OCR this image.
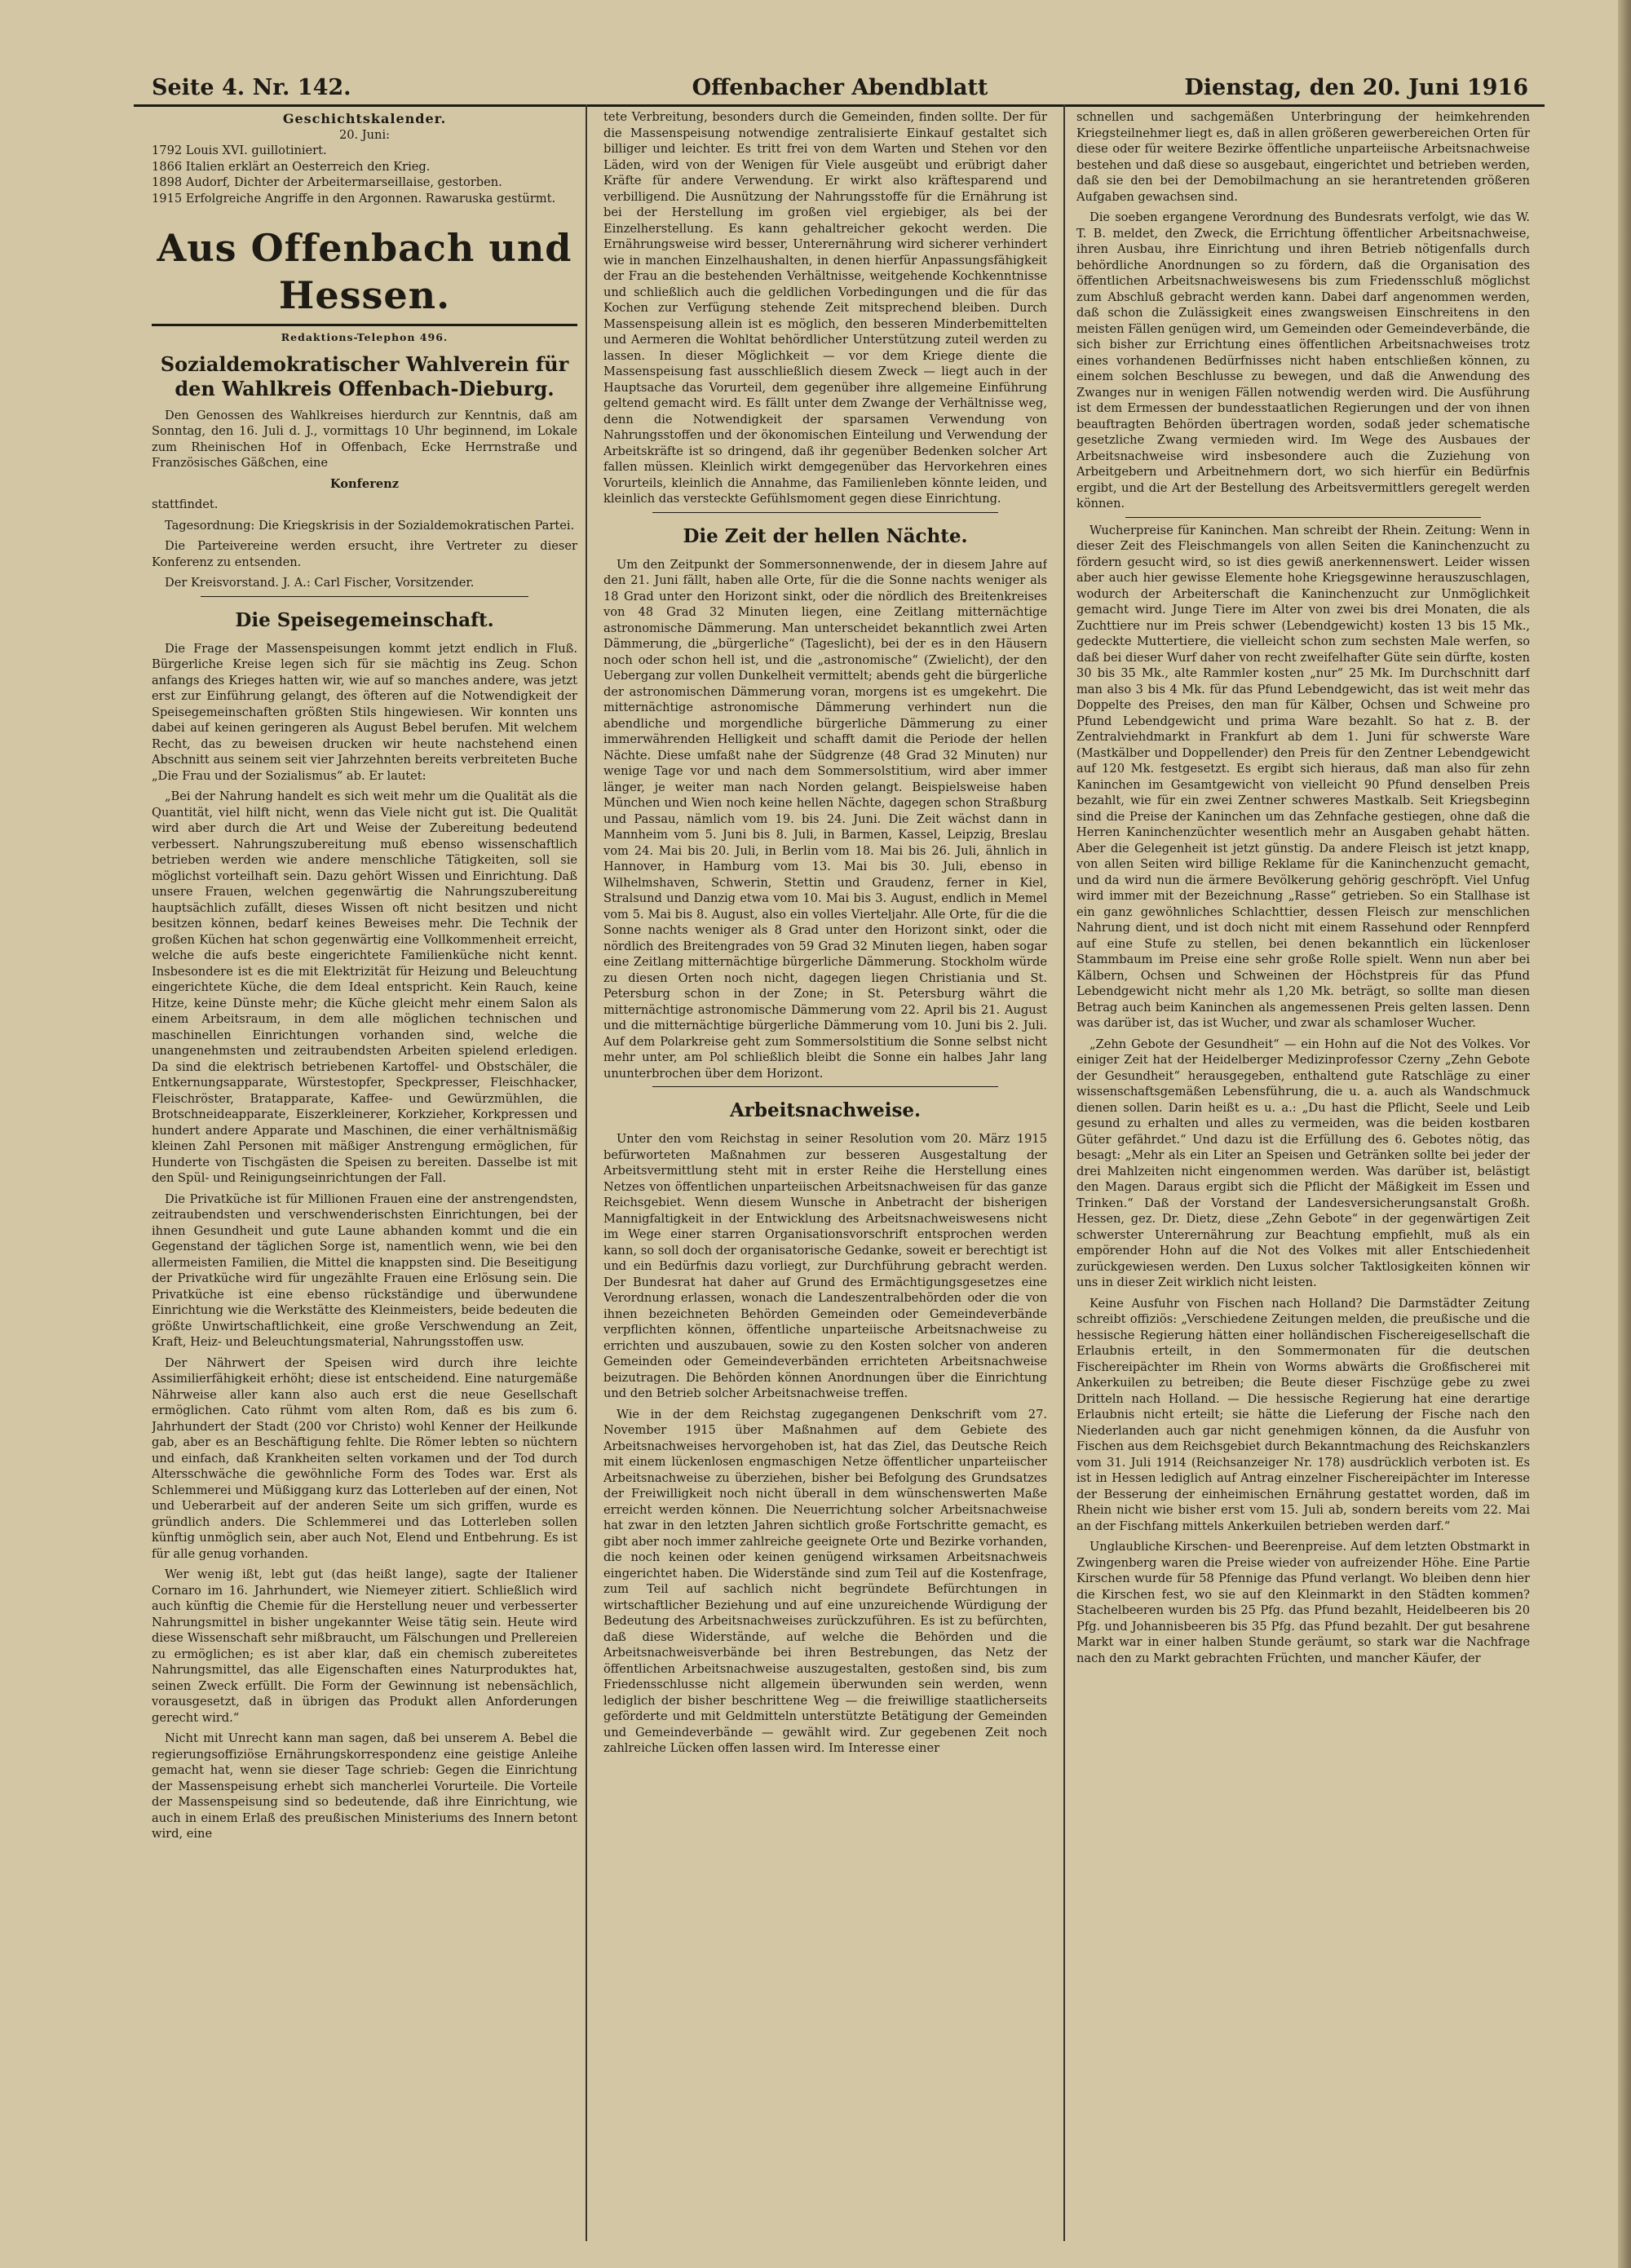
Seite 4. Nr. 142.	Offenbacher Abendblatt	Dienstag, den 20. Juni 1916
Geschichtskalender.
20. Juni:
1792 Louis XVI. guillotiniert.
1866 Italien erklärt an Oesterreich den Krieg.
1898 Audorf, Dichter der Arbeitermarseillaise, gestorben.
1915 Erfolgreiche Angriffe in den Argonnen. Rawaruska gestürmt.
Aus Offenbach und Hessen.
Redaktions-Telephon 496.
Sozialdemokratischer Wahlverein für den Wahlkreis Offenbach-Dieburg.

Den Genossen des Wahlkreises hierdurch zur Kenntnis, daß am Sonntag, den 16. Juli d. J., vormittags 10 Uhr beginnend, im Lokale zum Rheinischen Hof in Offenbach, Ecke Herrnstraße und Französisches Gäßchen, eine

Konferenz

stattfindet.

Tagesordnung: Die Kriegskrisis in der Sozialdemokratischen Partei.

Die Parteivereine werden ersucht, ihre Vertreter zu dieser Konferenz zu entsenden.

Der Kreisvorstand. J. A.: Carl Fischer, Vorsitzender.

Die Speisegemeinschaft.

Die Frage der Massenspeisungen kommt jetzt endlich in Fluß. Bürgerliche Kreise legen sich für sie mächtig ins Zeug. Schon anfangs des Krieges hatten wir, wie auf so manches andere, was jetzt erst zur Einführung gelangt, des öfteren auf die Notwendigkeit der Speisegemeinschaften größten Stils hingewiesen. Wir konnten uns dabei auf keinen geringeren als August Bebel berufen. Mit welchem Recht, das zu beweisen drucken wir heute nachstehend einen Abschnitt aus seinem seit vier Jahrzehnten bereits verbreiteten Buche „Die Frau und der Sozialismus“ ab. Er lautet:

„Bei der Nahrung handelt es sich weit mehr um die Qualität als die Quantität, viel hilft nicht, wenn das Viele nicht gut ist. Die Qualität wird aber durch die Art und Weise der Zubereitung bedeutend verbessert. Nahrungszubereitung muß ebenso wissenschaftlich betrieben werden wie andere menschliche Tätigkeiten, soll sie möglichst vorteilhaft sein. Dazu gehört Wissen und Einrichtung. Daß unsere Frauen, welchen gegenwärtig die Nahrungszubereitung hauptsächlich zufällt, dieses Wissen oft nicht besitzen und nicht besitzen können, bedarf keines Beweises mehr. Die Technik der großen Küchen hat schon gegenwärtig eine Vollkommenheit erreicht, welche die aufs beste eingerichtete Familienküche nicht kennt. Insbesondere ist es die mit Elektrizität für Heizung und Beleuchtung eingerichtete Küche, die dem Ideal entspricht. Kein Rauch, keine Hitze, keine Dünste mehr; die Küche gleicht mehr einem Salon als einem Arbeitsraum, in dem alle möglichen technischen und maschinellen Einrichtungen vorhanden sind, welche die unangenehmsten und zeitraubendsten Arbeiten spielend erledigen. Da sind die elektrisch betriebenen Kartoffel- und Obstschäler, die Entkernungsapparate, Würstestopfer, Speckpresser, Fleischhacker, Fleischröster, Bratapparate, Kaffee- und Gewürzmühlen, die Brotschneideapparate, Eiszerkleinerer, Korkzieher, Korkpressen und hundert andere Apparate und Maschinen, die einer verhältnismäßig kleinen Zahl Personen mit mäßiger Anstrengung ermöglichen, für Hunderte von Tischgästen die Speisen zu bereiten. Dasselbe ist mit den Spül- und Reinigungseinrichtungen der Fall.

Die Privatküche ist für Millionen Frauen eine der anstrengendsten, zeitraubendsten und verschwenderischsten Einrichtungen, bei der ihnen Gesundheit und gute Laune abhanden kommt und die ein Gegenstand der täglichen Sorge ist, namentlich wenn, wie bei den allermeisten Familien, die Mittel die knappsten sind. Die Beseitigung der Privatküche wird für ungezählte Frauen eine Erlösung sein. Die Privatküche ist eine ebenso rückständige und überwundene Einrichtung wie die Werkstätte des Kleinmeisters, beide bedeuten die größte Unwirtschaftlichkeit, eine große Verschwendung an Zeit, Kraft, Heiz- und Beleuchtungsmaterial, Nahrungsstoffen usw.

Der Nährwert der Speisen wird durch ihre leichte Assimilierfähigkeit erhöht; diese ist entscheidend. Eine naturgemäße Nährweise aller kann also auch erst die neue Gesellschaft ermöglichen. Cato rühmt vom alten Rom, daß es bis zum 6. Jahrhundert der Stadt (200 vor Christo) wohl Kenner der Heilkunde gab, aber es an Beschäftigung fehlte. Die Römer lebten so nüchtern und einfach, daß Krankheiten selten vorkamen und der Tod durch Altersschwäche die gewöhnliche Form des Todes war. Erst als Schlemmerei und Müßiggang kurz das Lotterleben auf der einen, Not und Ueberarbeit auf der anderen Seite um sich griffen, wurde es gründlich anders. Die Schlemmerei und das Lotterleben sollen künftig unmöglich sein, aber auch Not, Elend und Entbehrung. Es ist für alle genug vorhanden.

Wer wenig ißt, lebt gut (das heißt lange), sagte der Italiener Cornaro im 16. Jahrhundert, wie Niemeyer zitiert. Schließlich wird auch künftig die Chemie für die Herstellung neuer und verbesserter Nahrungsmittel in bisher ungekannter Weise tätig sein. Heute wird diese Wissenschaft sehr mißbraucht, um Fälschungen und Prellereien zu ermöglichen; es ist aber klar, daß ein chemisch zubereitetes Nahrungsmittel, das alle Eigenschaften eines Naturproduktes hat, seinen Zweck erfüllt. Die Form der Gewinnung ist nebensächlich, vorausgesetzt, daß in übrigen das Produkt allen Anforderungen gerecht wird.“

Nicht mit Unrecht kann man sagen, daß bei unserem A. Bebel die regierungsoffiziöse Ernährungskorrespondenz eine geistige Anleihe gemacht hat, wenn sie dieser Tage schrieb: Gegen die Einrichtung der Massenspeisung erhebt sich mancherlei Vorurteile. Die Vorteile der Massenspeisung sind so bedeutende, daß ihre Einrichtung, wie auch in einem Erlaß des preußischen Ministeriums des Innern betont wird, eine

tete Verbreitung, besonders durch die Gemeinden, finden sollte. Der für die Massenspeisung notwendige zentralisierte Einkauf gestaltet sich billiger und leichter. Es tritt frei von dem Warten und Stehen vor den Läden, wird von der Wenigen für Viele ausgeübt und erübrigt daher Kräfte für andere Verwendung. Er wirkt also kräftesparend und verbilligend. Die Ausnützung der Nahrungsstoffe für die Ernährung ist bei der Herstellung im großen viel ergiebiger, als bei der Einzelherstellung. Es kann gehaltreicher gekocht werden. Die Ernährungsweise wird besser, Unterernährung wird sicherer verhindert wie in manchen Einzelhaushalten, in denen hierfür Anpassungsfähigkeit der Frau an die bestehenden Verhältnisse, weitgehende Kochkenntnisse und schließlich auch die geldlichen Vorbedingungen und die für das Kochen zur Verfügung stehende Zeit mitsprechend bleiben. Durch Massenspeisung allein ist es möglich, den besseren Minderbemittelten und Aermeren die Wohltat behördlicher Unterstützung zuteil werden zu lassen. In dieser Möglichkeit — vor dem Kriege diente die Massenspeisung fast ausschließlich diesem Zweck — liegt auch in der Hauptsache das Vorurteil, dem gegenüber ihre allgemeine Einführung geltend gemacht wird. Es fällt unter dem Zwange der Verhältnisse weg, denn die Notwendigkeit der sparsamen Verwendung von Nahrungsstoffen und der ökonomischen Einteilung und Verwendung der Arbeitskräfte ist so dringend, daß ihr gegenüber Bedenken solcher Art fallen müssen. Kleinlich wirkt demgegenüber das Hervorkehren eines Vorurteils, kleinlich die Annahme, das Familienleben könnte leiden, und kleinlich das versteckte Gefühlsmoment gegen diese Einrichtung.

Die Zeit der hellen Nächte.

Um den Zeitpunkt der Sommersonnenwende, der in diesem Jahre auf den 21. Juni fällt, haben alle Orte, für die die Sonne nachts weniger als 18 Grad unter den Horizont sinkt, oder die nördlich des Breitenkreises von 48 Grad 32 Minuten liegen, eine Zeitlang mitternächtige astronomische Dämmerung. Man unterscheidet bekanntlich zwei Arten Dämmerung, die „bürgerliche“ (Tageslicht), bei der es in den Häusern noch oder schon hell ist, und die „astronomische“ (Zwielicht), der den Uebergang zur vollen Dunkelheit vermittelt; abends geht die bürgerliche der astronomischen Dämmerung voran, morgens ist es umgekehrt. Die mitternächtige astronomische Dämmerung verhindert nun die abendliche und morgendliche bürgerliche Dämmerung zu einer immerwährenden Helligkeit und schafft damit die Periode der hellen Nächte. Diese umfaßt nahe der Südgrenze (48 Grad 32 Minuten) nur wenige Tage vor und nach dem Sommersolstitium, wird aber immer länger, je weiter man nach Norden gelangt. Beispielsweise haben München und Wien noch keine hellen Nächte, dagegen schon Straßburg und Passau, nämlich vom 19. bis 24. Juni. Die Zeit wächst dann in Mannheim vom 5. Juni bis 8. Juli, in Barmen, Kassel, Leipzig, Breslau vom 24. Mai bis 20. Juli, in Berlin vom 18. Mai bis 26. Juli, ähnlich in Hannover, in Hamburg vom 13. Mai bis 30. Juli, ebenso in Wilhelmshaven, Schwerin, Stettin und Graudenz, ferner in Kiel, Stralsund und Danzig etwa vom 10. Mai bis 3. August, endlich in Memel vom 5. Mai bis 8. August, also ein volles Vierteljahr. Alle Orte, für die die Sonne nachts weniger als 8 Grad unter den Horizont sinkt, oder die nördlich des Breitengrades von 59 Grad 32 Minuten liegen, haben sogar eine Zeitlang mitternächtige bürgerliche Dämmerung. Stockholm würde zu diesen Orten noch nicht, dagegen liegen Christiania und St. Petersburg schon in der Zone; in St. Petersburg währt die mitternächtige astronomische Dämmerung vom 22. April bis 21. August und die mitternächtige bürgerliche Dämmerung vom 10. Juni bis 2. Juli. Auf dem Polarkreise geht zum Sommersolstitium die Sonne selbst nicht mehr unter, am Pol schließlich bleibt die Sonne ein halbes Jahr lang ununterbrochen über dem Horizont.

Arbeitsnachweise.

Unter den vom Reichstag in seiner Resolution vom 20. März 1915 befürworteten Maßnahmen zur besseren Ausgestaltung der Arbeitsvermittlung steht mit in erster Reihe die Herstellung eines Netzes von öffentlichen unparteiischen Arbeitsnachweisen für das ganze Reichsgebiet. Wenn diesem Wunsche in Anbetracht der bisherigen Mannigfaltigkeit in der Entwicklung des Arbeitsnachweiswesens nicht im Wege einer starren Organisationsvorschrift entsprochen werden kann, so soll doch der organisatorische Gedanke, soweit er berechtigt ist und ein Bedürfnis dazu vorliegt, zur Durchführung gebracht werden. Der Bundesrat hat daher auf Grund des Ermächtigungsgesetzes eine Verordnung erlassen, wonach die Landeszentralbehörden oder die von ihnen bezeichneten Behörden Gemeinden oder Gemeindeverbände verpflichten können, öffentliche unparteiische Arbeitsnachweise zu errichten und auszubauen, sowie zu den Kosten solcher von anderen Gemeinden oder Gemeindeverbänden errichteten Arbeitsnachweise beizutragen. Die Behörden können Anordnungen über die Einrichtung und den Betrieb solcher Arbeitsnachweise treffen.

Wie in der dem Reichstag zugegangenen Denkschrift vom 27. November 1915 über Maßnahmen auf dem Gebiete des Arbeitsnachweises hervorgehoben ist, hat das Ziel, das Deutsche Reich mit einem lückenlosen engmaschigen Netze öffentlicher unparteiischer Arbeitsnachweise zu überziehen, bisher bei Befolgung des Grundsatzes der Freiwilligkeit noch nicht überall in dem wünschenswerten Maße erreicht werden können. Die Neuerrichtung solcher Arbeitsnachweise hat zwar in den letzten Jahren sichtlich große Fortschritte gemacht, es gibt aber noch immer zahlreiche geeignete Orte und Bezirke vorhanden, die noch keinen oder keinen genügend wirksamen Arbeitsnachweis eingerichtet haben. Die Widerstände sind zum Teil auf die Kostenfrage, zum Teil auf sachlich nicht begründete Befürchtungen in wirtschaftlicher Beziehung und auf eine unzureichende Würdigung der Bedeutung des Arbeitsnachweises zurückzuführen. Es ist zu befürchten, daß diese Widerstände, auf welche die Behörden und die Arbeitsnachweisverbände bei ihren Bestrebungen, das Netz der öffentlichen Arbeitsnachweise auszugestalten, gestoßen sind, bis zum Friedensschlusse nicht allgemein überwunden sein werden, wenn lediglich der bisher beschrittene Weg — die freiwillige staatlicherseits geförderte und mit Geldmitteln unterstützte Betätigung der Gemeinden und Gemeindeverbände — gewählt wird. Zur gegebenen Zeit noch zahlreiche Lücken offen lassen wird. Im Interesse einer

schnellen und sachgemäßen Unterbringung der heimkehrenden Kriegsteilnehmer liegt es, daß in allen größeren gewerbereichen Orten für diese oder für weitere Bezirke öffentliche unparteiische Arbeitsnachweise bestehen und daß diese so ausgebaut, eingerichtet und betrieben werden, daß sie den bei der Demobilmachung an sie herantretenden größeren Aufgaben gewachsen sind.

Die soeben ergangene Verordnung des Bundesrats verfolgt, wie das W. T. B. meldet, den Zweck, die Errichtung öffentlicher Arbeitsnachweise, ihren Ausbau, ihre Einrichtung und ihren Betrieb nötigenfalls durch behördliche Anordnungen so zu fördern, daß die Organisation des öffentlichen Arbeitsnachweiswesens bis zum Friedensschluß möglichst zum Abschluß gebracht werden kann. Dabei darf angenommen werden, daß schon die Zulässigkeit eines zwangsweisen Einschreitens in den meisten Fällen genügen wird, um Gemeinden oder Gemeindeverbände, die sich bisher zur Errichtung eines öffentlichen Arbeitsnachweises trotz eines vorhandenen Bedürfnisses nicht haben entschließen können, zu einem solchen Beschlusse zu bewegen, und daß die Anwendung des Zwanges nur in wenigen Fällen notwendig werden wird. Die Ausführung ist dem Ermessen der bundesstaatlichen Regierungen und der von ihnen beauftragten Behörden übertragen worden, sodaß jeder schematische gesetzliche Zwang vermieden wird. Im Wege des Ausbaues der Arbeitsnachweise wird insbesondere auch die Zuziehung von Arbeitgebern und Arbeitnehmern dort, wo sich hierfür ein Bedürfnis ergibt, und die Art der Bestellung des Arbeitsvermittlers geregelt werden können.

Wucherpreise für Kaninchen. Man schreibt der Rhein. Zeitung: Wenn in dieser Zeit des Fleischmangels von allen Seiten die Kaninchenzucht zu fördern gesucht wird, so ist dies gewiß anerkennenswert. Leider wissen aber auch hier gewisse Elemente hohe Kriegsgewinne herauszuschlagen, wodurch der Arbeiterschaft die Kaninchenzucht zur Unmöglichkeit gemacht wird. Junge Tiere im Alter von zwei bis drei Monaten, die als Zuchttiere nur im Preis schwer (Lebendgewicht) kosten 13 bis 15 Mk., gedeckte Muttertiere, die vielleicht schon zum sechsten Male werfen, so daß bei dieser Wurf daher von recht zweifelhafter Güte sein dürfte, kosten 30 bis 35 Mk., alte Rammler kosten „nur“ 25 Mk. Im Durchschnitt darf man also 3 bis 4 Mk. für das Pfund Lebendgewicht, das ist weit mehr das Doppelte des Preises, den man für Kälber, Ochsen und Schweine pro Pfund Lebendgewicht und prima Ware bezahlt. So hat z. B. der Zentralviehdmarkt in Frankfurt ab dem 1. Juni für schwerste Ware (Mastkälber und Doppellender) den Preis für den Zentner Lebendgewicht auf 120 Mk. festgesetzt. Es ergibt sich hieraus, daß man also für zehn Kaninchen im Gesamtgewicht von vielleicht 90 Pfund denselben Preis bezahlt, wie für ein zwei Zentner schweres Mastkalb. Seit Kriegsbeginn sind die Preise der Kaninchen um das Zehnfache gestiegen, ohne daß die Herren Kaninchenzüchter wesentlich mehr an Ausgaben gehabt hätten. Aber die Gelegenheit ist jetzt günstig. Da andere Fleisch ist jetzt knapp, von allen Seiten wird billige Reklame für die Kaninchenzucht gemacht, und da wird nun die ärmere Bevölkerung gehörig geschröpft. Viel Unfug wird immer mit der Bezeichnung „Rasse“ getrieben. So ein Stallhase ist ein ganz gewöhnliches Schlachttier, dessen Fleisch zur menschlichen Nahrung dient, und ist doch nicht mit einem Rassehund oder Rennpferd auf eine Stufe zu stellen, bei denen bekanntlich ein lückenloser Stammbaum im Preise eine sehr große Rolle spielt. Wenn nun aber bei Kälbern, Ochsen und Schweinen der Höchstpreis für das Pfund Lebendgewicht nicht mehr als 1,20 Mk. beträgt, so sollte man diesen Betrag auch beim Kaninchen als angemessenen Preis gelten lassen. Denn was darüber ist, das ist Wucher, und zwar als schamloser Wucher.

„Zehn Gebote der Gesundheit“ — ein Hohn auf die Not des Volkes. Vor einiger Zeit hat der Heidelberger Medizinprofessor Czerny „Zehn Gebote der Gesundheit“ herausgegeben, enthaltend gute Ratschläge zu einer wissenschaftsgemäßen Lebensführung, die u. a. auch als Wandschmuck dienen sollen. Darin heißt es u. a.: „Du hast die Pflicht, Seele und Leib gesund zu erhalten und alles zu vermeiden, was die beiden kostbaren Güter gefährdet.“ Und dazu ist die Erfüllung des 6. Gebotes nötig, das besagt: „Mehr als ein Liter an Speisen und Getränken sollte bei jeder der drei Mahlzeiten nicht eingenommen werden. Was darüber ist, belästigt den Magen. Daraus ergibt sich die Pflicht der Mäßigkeit im Essen und Trinken.“ Daß der Vorstand der Landesversicherungsanstalt Großh. Hessen, gez. Dr. Dietz, diese „Zehn Gebote“ in der gegenwärtigen Zeit schwerster Unterernährung zur Beachtung empfiehlt, muß als ein empörender Hohn auf die Not des Volkes mit aller Entschiedenheit zurückgewiesen werden. Den Luxus solcher Taktlosigkeiten können wir uns in dieser Zeit wirklich nicht leisten.

Keine Ausfuhr von Fischen nach Holland? Die Darmstädter Zeitung schreibt offiziös: „Verschiedene Zeitungen melden, die preußische und die hessische Regierung hätten einer holländischen Fischereigesellschaft die Erlaubnis erteilt, in den Sommermonaten für die deutschen Fischereipächter im Rhein von Worms abwärts die Großfischerei mit Ankerkuilen zu betreiben; die Beute dieser Fischzüge gebe zu zwei Dritteln nach Holland. — Die hessische Regierung hat eine derartige Erlaubnis nicht erteilt; sie hätte die Lieferung der Fische nach den Niederlanden auch gar nicht genehmigen können, da die Ausfuhr von Fischen aus dem Reichsgebiet durch Bekanntmachung des Reichskanzlers vom 31. Juli 1914 (Reichsanzeiger Nr. 178) ausdrücklich verboten ist. Es ist in Hessen lediglich auf Antrag einzelner Fischereipächter im Interesse der Besserung der einheimischen Ernährung gestattet worden, daß im Rhein nicht wie bisher erst vom 15. Juli ab, sondern bereits vom 22. Mai an der Fischfang mittels Ankerkuilen betrieben werden darf.“

Unglaubliche Kirschen- und Beerenpreise. Auf dem letzten Obstmarkt in Zwingenberg waren die Preise wieder von aufreizender Höhe. Eine Partie Kirschen wurde für 58 Pfennige das Pfund verlangt. Wo bleiben denn hier die Kirschen fest, wo sie auf den Kleinmarkt in den Städten kommen? Stachelbeeren wurden bis 25 Pfg. das Pfund bezahlt, Heidelbeeren bis 20 Pfg. und Johannisbeeren bis 35 Pfg. das Pfund bezahlt. Der gut besahrene Markt war in einer halben Stunde geräumt, so stark war die Nachfrage nach den zu Markt gebrachten Früchten, und mancher Käufer, der
